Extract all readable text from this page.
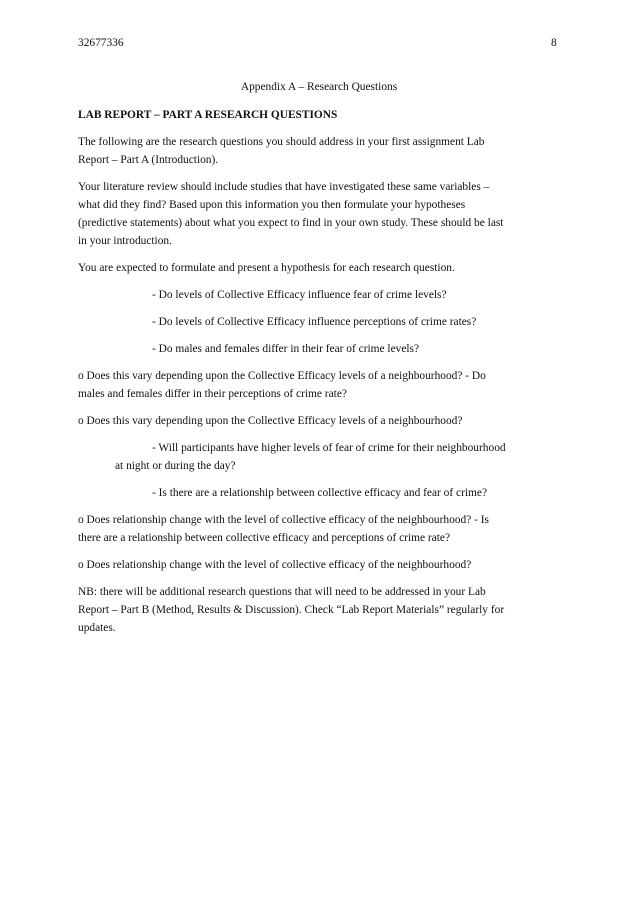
32677336	8
Appendix A – Research Questions
LAB REPORT – PART A RESEARCH QUESTIONS
The following are the research questions you should address in your first assignment Lab
Report – Part A (Introduction).
Your literature review should include studies that have investigated these same variables –
what did they find? Based upon this information you then formulate your hypotheses
(predictive statements) about what you expect to find in your own study. These should be last
in your introduction.
You are expected to formulate and present a hypothesis for each research question.
- Do levels of Collective Efficacy influence fear of crime levels?
- Do levels of Collective Efficacy influence perceptions of crime rates?
- Do males and females differ in their fear of crime levels?
o Does this vary depending upon the Collective Efficacy levels of a neighbourhood? - Do
males and females differ in their perceptions of crime rate?
o Does this vary depending upon the Collective Efficacy levels of a neighbourhood?
- Will participants have higher levels of fear of crime for their neighbourhood
at night or during the day?
- Is there are a relationship between collective efficacy and fear of crime?
o Does relationship change with the level of collective efficacy of the neighbourhood? - Is
there are a relationship between collective efficacy and perceptions of crime rate?
o Does relationship change with the level of collective efficacy of the neighbourhood?
NB: there will be additional research questions that will need to be addressed in your Lab
Report – Part B (Method, Results & Discussion). Check “Lab Report Materials” regularly for
updates.
